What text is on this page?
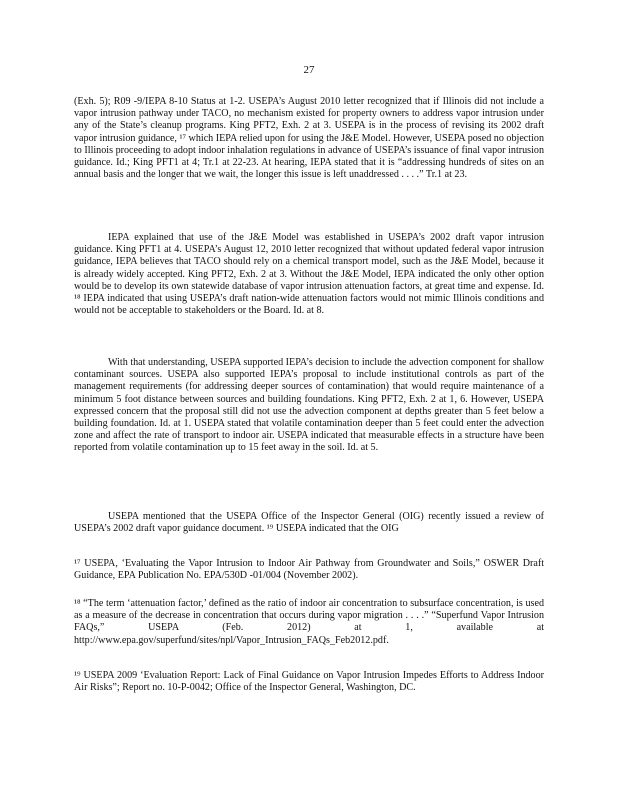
27

(Exh. 5); R09 -9/IEPA 8-10 Status at 1-2. USEPA’s August 2010 letter recognized that if Illinois did not include a vapor intrusion pathway under TACO, no mechanism existed for property owners to address vapor intrusion under any of the State’s cleanup programs. King PFT2, Exh. 2 at 3. USEPA is in the process of revising its 2002 draft vapor intrusion guidance, ¹⁷ which IEPA relied upon for using the J&E Model. However, USEPA posed no objection to Illinois proceeding to adopt indoor inhalation regulations in advance of USEPA’s issuance of final vapor intrusion guidance. Id.; King PFT1 at 4; Tr.1 at 22-23. At hearing, IEPA stated that it is “addressing hundreds of sites on an annual basis and the longer that we wait, the longer this issue is left unaddressed . . . .” Tr.1 at 23.

IEPA explained that use of the J&E Model was established in USEPA’s 2002 draft vapor intrusion guidance. King PFT1 at 4. USEPA’s August 12, 2010 letter recognized that without updated federal vapor intrusion guidance, IEPA believes that TACO should rely on a chemical transport model, such as the J&E Model, because it is already widely accepted. King PFT2, Exh. 2 at 3. Without the J&E Model, IEPA indicated the only other option would be to develop its own statewide database of vapor intrusion attenuation factors, at great time and expense. Id. ¹⁸ IEPA indicated that using USEPA’s draft nation-wide attenuation factors would not mimic Illinois conditions and would not be acceptable to stakeholders or the Board. Id. at 8.

With that understanding, USEPA supported IEPA’s decision to include the advection component for shallow contaminant sources. USEPA also supported IEPA’s proposal to include institutional controls as part of the management requirements (for addressing deeper sources of contamination) that would require maintenance of a minimum 5 foot distance between sources and building foundations. King PFT2, Exh. 2 at 1, 6. However, USEPA expressed concern that the proposal still did not use the advection component at depths greater than 5 feet below a building foundation. Id. at 1. USEPA stated that volatile contamination deeper than 5 feet could enter the advection zone and affect the rate of transport to indoor air. USEPA indicated that measurable effects in a structure have been reported from volatile contamination up to 15 feet away in the soil. Id. at 5.

USEPA mentioned that the USEPA Office of the Inspector General (OIG) recently issued a review of USEPA’s 2002 draft vapor guidance document. ¹⁹ USEPA indicated that the OIG

¹⁷ USEPA, ‘Evaluating the Vapor Intrusion to Indoor Air Pathway from Groundwater and Soils,” OSWER Draft Guidance, EPA Publication No. EPA/530D -01/004 (November 2002).

¹⁸ “The term ‘attenuation factor,’ defined as the ratio of indoor air concentration to subsurface concentration, is used as a measure of the decrease in concentration that occurs during vapor migration . . . .” “Superfund Vapor Intrusion FAQs,” USEPA (Feb. 2012) at 1, available at http://www.epa.gov/superfund/sites/npl/Vapor_Intrusion_FAQs_Feb2012.pdf.

¹⁹ USEPA 2009 ‘Evaluation Report: Lack of Final Guidance on Vapor Intrusion Impedes Efforts to Address Indoor Air Risks”; Report no. 10-P-0042; Office of the Inspector General, Washington, DC.
